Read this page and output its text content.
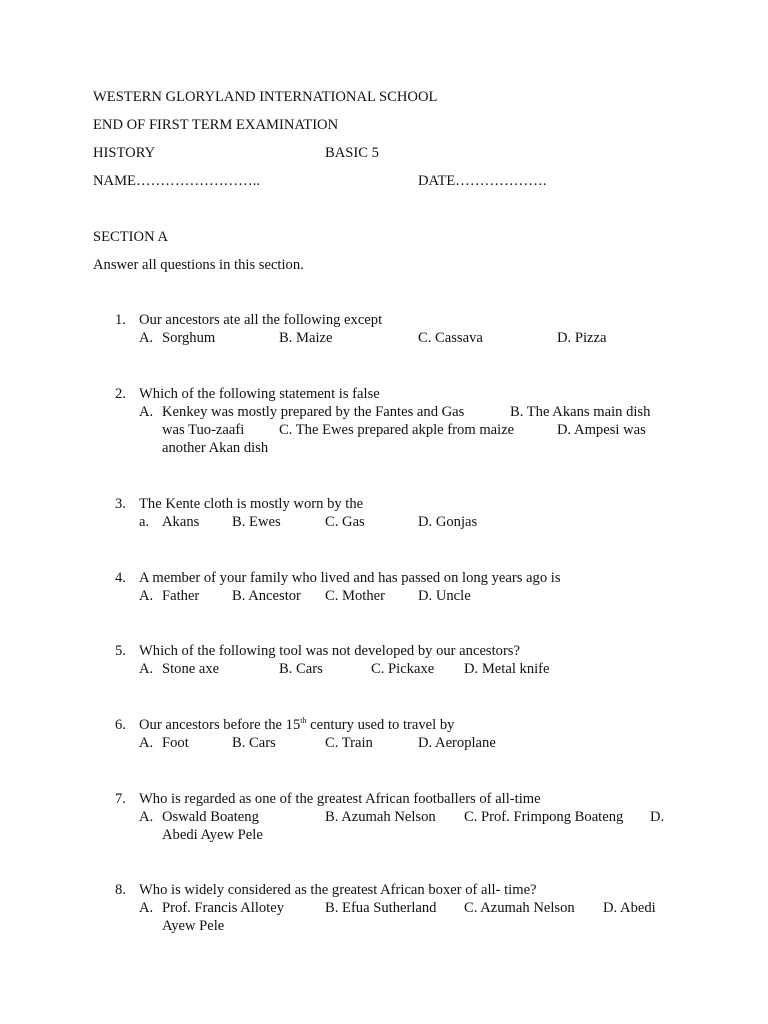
WESTERN GLORYLAND INTERNATIONAL SCHOOL
END OF FIRST TERM EXAMINATION
HISTORY	BASIC 5
NAME……………………..	DATE……………….
SECTION A
Answer all questions in this section.
1. Our ancestors ate all the following except
A. Sorghum	B. Maize	C. Cassava	D. Pizza
2. Which of the following statement is false
A. Kenkey was mostly prepared by the Fantes and Gas	B. The Akans main dish
was Tuo-zaafi C. The Ewes prepared akple from maize	D. Ampesi was
another Akan dish
3. The Kente cloth is mostly worn by the
a. Akans B. Ewes	C. Gas	D. Gonjas
4. A member of your family who lived and has passed on long years ago is
A. Father B. Ancestor C. Mother D. Uncle
5. Which of the following tool was not developed by our ancestors?
A. Stone axe	B. Cars	C. Pickaxe D. Metal knife
6. Our ancestors before the 15th century used to travel by
A. Foot	B. Cars	C. Train	D. Aeroplane
7. Who is regarded as one of the greatest African footballers of all-time
A. Oswald Boateng	B. Azumah Nelson C. Prof. Frimpong Boateng D.
Abedi Ayew Pele
8. Who is widely considered as the greatest African boxer of all- time?
A. Prof. Francis Allotey	B. Efua Sutherland C. Azumah Nelson D. Abedi
Ayew Pele
